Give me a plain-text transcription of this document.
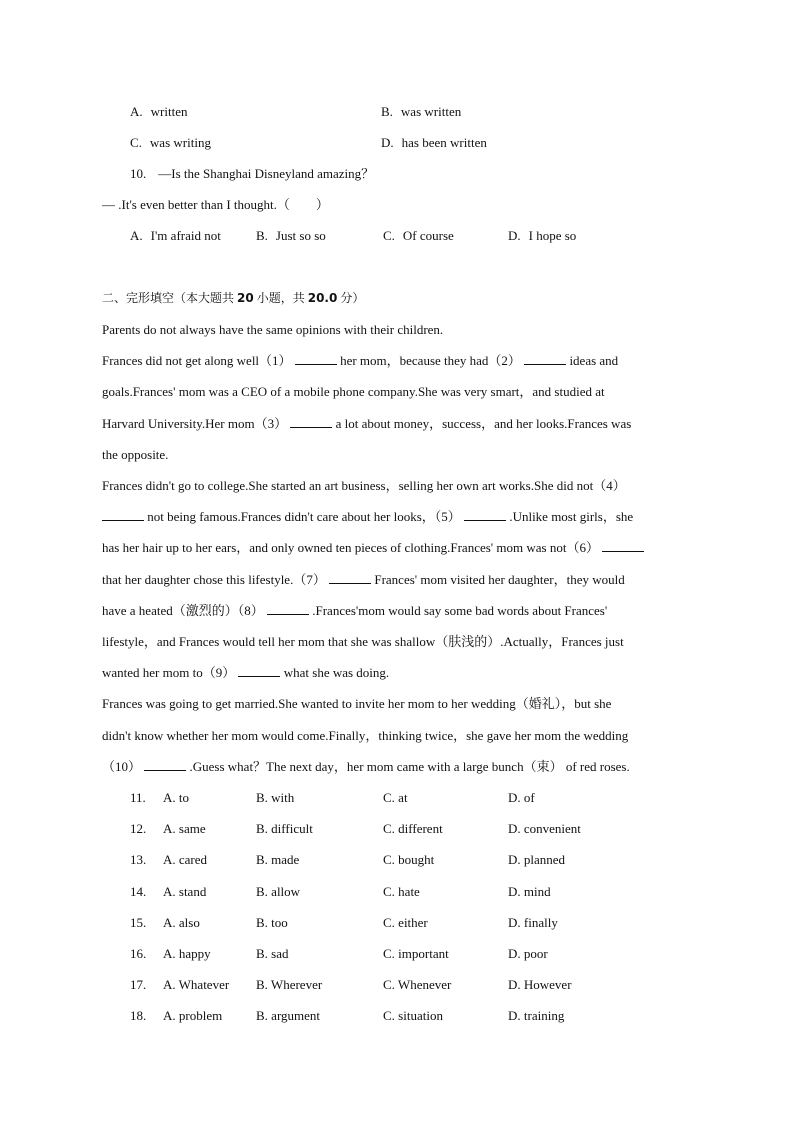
A. written	B. was written
C. was writing	D. has been written
10. —Is the Shanghai Disneyland amazing？
— .It's even better than I thought.（　　）
A. I'm afraid not	B. Just so so	C. Of course	D. I hope so
二、完形填空（本大题共 20 小题，共 20.0 分）
Parents do not always have the same opinions with their children.
Frances did not get along well（1）	her mom，because they had（2）	ideas and
goals.Frances' mom was a CEO of a mobile phone company.She was very smart，and studied at
Harvard University.Her mom（3）	a lot about money，success，and her looks.Frances was
the opposite.
Frances didn't go to college.She started an art business，selling her own art works.She did not（4）
not being famous.Frances didn't care about her looks，（5）	.Unlike most girls，she
has her hair up to her ears，and only owned ten pieces of clothing.Frances' mom was not（6）
that her daughter chose this lifestyle.（7）	Frances' mom visited her daughter，they would
have a heated（激烈的）（8）	.Frances'mom would say some bad words about Frances'
lifestyle，and Frances would tell her mom that she was shallow（肤浅的）.Actually，Frances just
wanted her mom to（9）	what she was doing.
Frances was going to get married.She wanted to invite her mom to her wedding（婚礼），but she
didn't know whether her mom would come.Finally，thinking twice，she gave her mom the wedding
（10）	.Guess what？The next day，her mom came with a large bunch（束） of red roses.
11. A. to	B. with	C. at	D. of
12. A. same	B. difficult	C. different	D. convenient
13. A. cared	B. made	C. bought	D. planned
14. A. stand	B. allow	C. hate	D. mind
15. A. also	B. too	C. either	D. finally
16. A. happy	B. sad	C. important	D. poor
17. A. Whatever B. Wherever	C. Whenever	D. However
18. A. problem	B. argument	C. situation	D. training
